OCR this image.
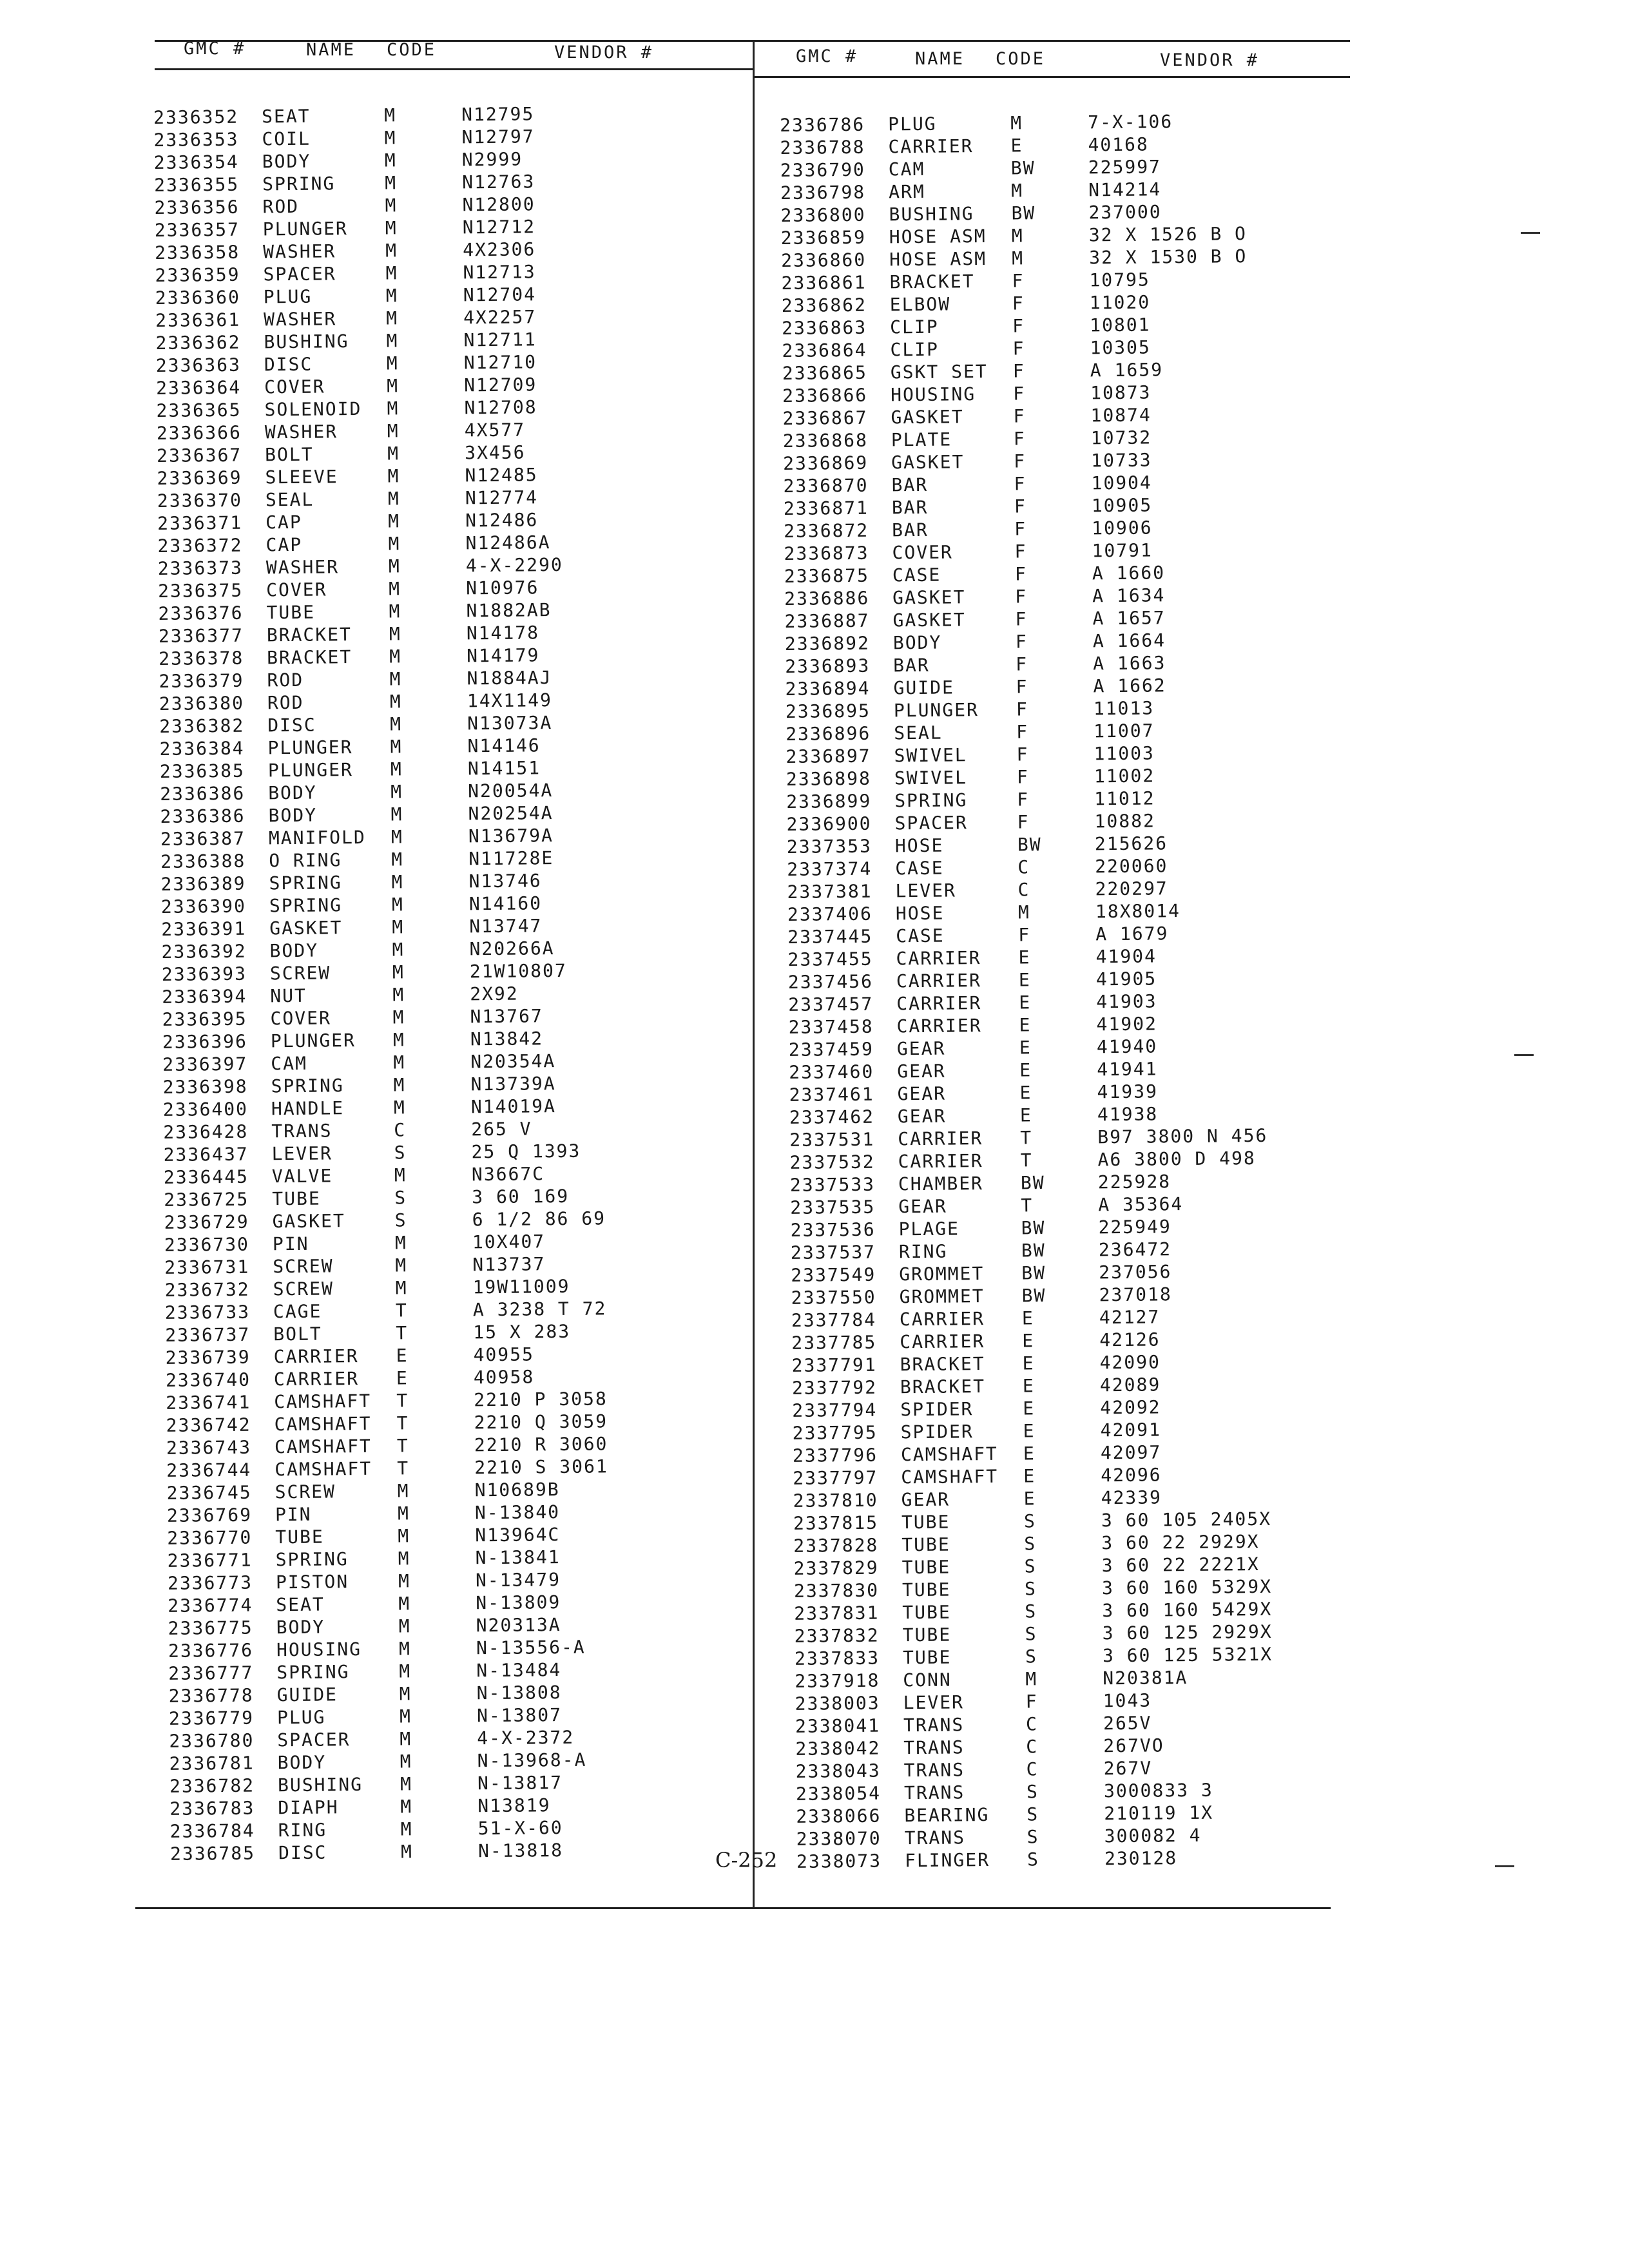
GMC #	NAME CODE	VENDOR #	GMC #	NAME CODE	VENDOR #
2336352 SEAT	M	N12795
2336353 COIL	M	N12797
2336354 BODY	M	N2999
2336355 SPRING	M	N12763
2336356 ROD	M	N12800
2336357 PLUNGER M	N12712
2336358 WASHER	M	4X2306
2336359 SPACER	M	N12713
2336360 PLUG	M	N12704
2336361 WASHER	M	4X2257
2336362 BUSHING M	N12711
2336363 DISC	M	N12710
2336364 COVER	M	N12709
2336365 SOLENOID M	N12708
2336366 WASHER	M	4X577
2336367 BOLT	M	3X456
2336369 SLEEVE	M	N12485
2336370 SEAL	M	N12774
2336371 CAP	M	N12486
2336372 CAP	M	N12486A
2336373 WASHER	M	4-X-2290
2336375 COVER	M	N10976
2336376 TUBE	M	N1882AB
2336377 BRACKET M	N14178
2336378 BRACKET M	N14179
2336379 ROD	M	N1884AJ
2336380 ROD	M	14X1149
2336382 DISC	M	N13073A
2336384 PLUNGER M	N14146
2336385 PLUNGER M	N14151
2336386 BODY	M	N20054A
2336386 BODY	M	N20254A
2336387 MANIFOLD M	N13679A
2336388 O RING	M	N11728E
2336389 SPRING	M	N13746
2336390 SPRING	M	N14160
2336391 GASKET	M	N13747
2336392 BODY	M	N20266A
2336393 SCREW	M	21W10807
2336394 NUT	M	2X92
2336395 COVER	M	N13767
2336396 PLUNGER M	N13842
2336397 CAM	M	N20354A
2336398 SPRING	M	N13739A
2336400 HANDLE	M	N14019A
2336428 TRANS	C	265 V
2336437 LEVER	S	25 Q 1393
2336445 VALVE	M	N3667C
2336725 TUBE	S	3 60 169
2336729 GASKET	S	6 1/2 86 69
2336730 PIN	M	10X407
2336731 SCREW	M	N13737
2336732 SCREW	M	19W11009
2336733 CAGE	T	A 3238 T 72
2336737 BOLT	T	15 X 283
2336739 CARRIER E	40955
2336740 CARRIER E	40958
2336741 CAMSHAFT T	2210 P 3058
2336742 CAMSHAFT T	2210 Q 3059
2336743 CAMSHAFT T	2210 R 3060
2336744 CAMSHAFT T	2210 S 3061
2336745 SCREW	M	N10689B
2336769 PIN	M	N-13840
2336770 TUBE	M	N13964C
2336771 SPRING	M	N-13841
2336773 PISTON	M	N-13479
2336774 SEAT	M	N-13809
2336775 BODY	M	N20313A
2336776 HOUSING M	N-13556-A
2336777 SPRING	M	N-13484
2336778 GUIDE	M	N-13808
2336779 PLUG	M	N-13807
2336780 SPACER	M	4-X-2372
2336781 BODY	M	N-13968-A
2336782 BUSHING M	N-13817
2336783 DIAPH	M	N13819
2336784 RING	M	51-X-60
2336785 DISC	M	N-13818
2336786 PLUG	M	7-X-106
2336788 CARRIER E	40168
2336790 CAM	BW	225997
2336798 ARM	M	N14214
2336800 BUSHING BW	237000
2336859 HOSE ASM M	32 X 1526 B O
2336860 HOSE ASM M	32 X 1530 B O
2336861 BRACKET F	10795
2336862 ELBOW	F	11020
2336863 CLIP	F	10801
2336864 CLIP	F	10305
2336865 GSKT SET F	A 1659
2336866 HOUSING F	10873
2336867 GASKET	F	10874
2336868 PLATE	F	10732
2336869 GASKET	F	10733
2336870 BAR	F	10904
2336871 BAR	F	10905
2336872 BAR	F	10906
2336873 COVER	F	10791
2336875 CASE	F	A 1660
2336886 GASKET	F	A 1634
2336887 GASKET	F	A 1657
2336892 BODY	F	A 1664
2336893 BAR	F	A 1663
2336894 GUIDE	F	A 1662
2336895 PLUNGER F	11013
2336896 SEAL	F	11007
2336897 SWIVEL	F	11003
2336898 SWIVEL	F	11002
2336899 SPRING	F	11012
2336900 SPACER	F	10882
2337353 HOSE	BW	215626
2337374 CASE	C	220060
2337381 LEVER	C	220297
2337406 HOSE	M	18X8014
2337445 CASE	F	A 1679
2337455 CARRIER E	41904
2337456 CARRIER E	41905
2337457 CARRIER E	41903
2337458 CARRIER E	41902
2337459 GEAR	E	41940
2337460 GEAR	E	41941
2337461 GEAR	E	41939
2337462 GEAR	E	41938
2337531 CARRIER T	B97 3800 N 456
2337532 CARRIER T	A6 3800 D 498
2337533 CHAMBER BW	225928
2337535 GEAR	T	A 35364
2337536 PLAGE	BW	225949
2337537 RING	BW	236472
2337549 GROMMET BW	237056
2337550 GROMMET BW	237018
2337784 CARRIER E	42127
2337785 CARRIER E	42126
2337791 BRACKET E	42090
2337792 BRACKET E	42089
2337794 SPIDER	E	42092
2337795 SPIDER	E	42091
2337796 CAMSHAFT E	42097
2337797 CAMSHAFT E	42096
2337810 GEAR	E	42339
2337815 TUBE	S	3 60 105 2405X
2337828 TUBE	S	3 60 22 2929X
2337829 TUBE	S	3 60 22 2221X
2337830 TUBE	S	3 60 160 5329X
2337831 TUBE	S	3 60 160 5429X
2337832 TUBE	S	3 60 125 2929X
2337833 TUBE	S	3 60 125 5321X
2337918 CONN	M	N20381A
2338003 LEVER	F	1043
2338041 TRANS	C	265V
2338042 TRANS	C	267VO
2338043 TRANS	C	267V
2338054 TRANS	S	3000833 3
2338066 BEARING S	210119 1X
2338070 TRANS	S	300082 4
2338073 FLINGER S	230128
C-252
